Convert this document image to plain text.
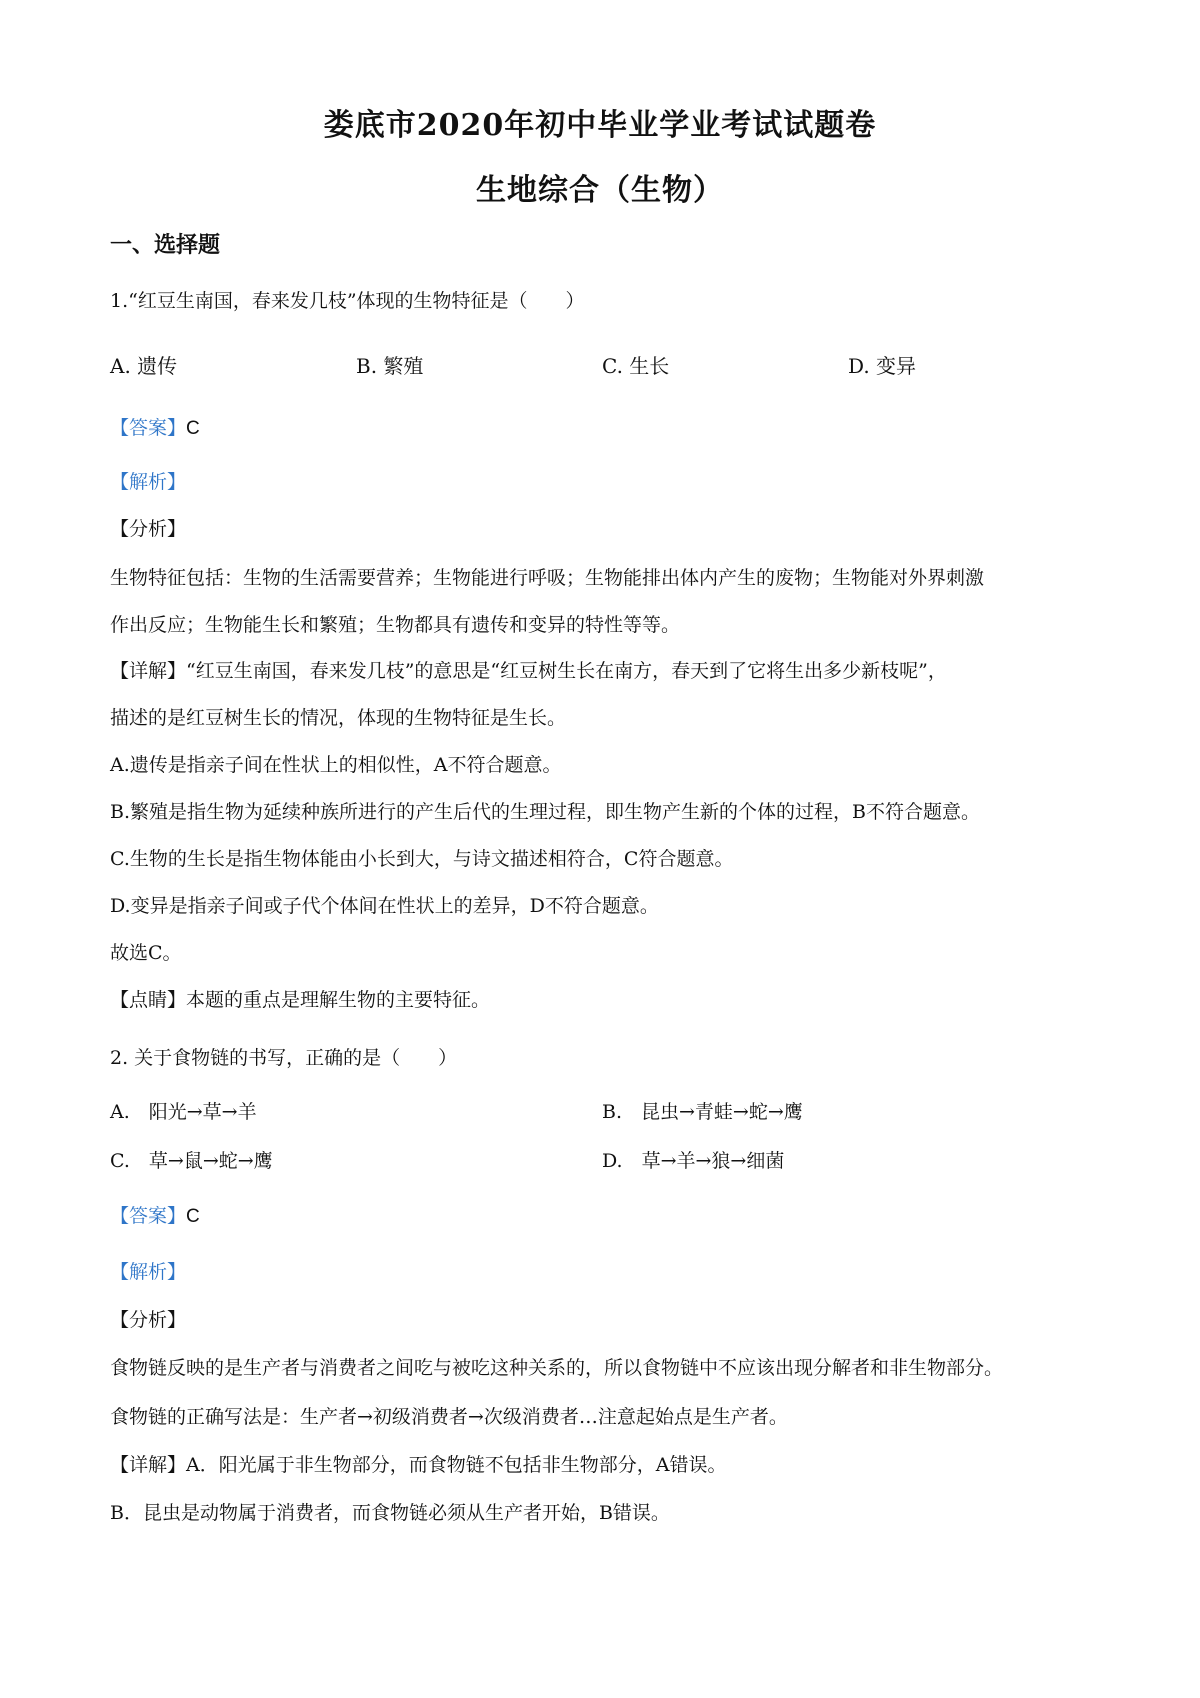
娄底市2020年初中毕业学业考试试题卷
生地综合（生物）
一、选择题
1.“红豆生南国，春来发几枝”体现的生物特征是（　　）
A. 遗传	B. 繁殖	C. 生长	D. 变异
【答案】C
【解析】
【分析】
生物特征包括：生物的生活需要营养；生物能进行呼吸；生物能排出体内产生的废物；生物能对外界刺激
作出反应；生物能生长和繁殖；生物都具有遗传和变异的特性等等。
【详解】“红豆生南国，春来发几枝”的意思是“红豆树生长在南方，春天到了它将生出多少新枝呢”，
描述的是红豆树生长的情况，体现的生物特征是生长。
A.遗传是指亲子间在性状上的相似性，A不符合题意。
B.繁殖是指生物为延续种族所进行的产生后代的生理过程，即生物产生新的个体的过程，B不符合题意。
C.生物的生长是指生物体能由小长到大，与诗文描述相符合，C符合题意。
D.变异是指亲子间或子代个体间在性状上的差异，D不符合题意。
故选C。
【点睛】本题的重点是理解生物的主要特征。
2. 关于食物链的书写，正确的是（　　）
A.　阳光→草→羊	B.　昆虫→青蛙→蛇→鹰
C.　草→鼠→蛇→鹰	D.　草→羊→狼→细菌
【答案】C
【解析】
【分析】
食物链反映的是生产者与消费者之间吃与被吃这种关系的，所以食物链中不应该出现分解者和非生物部分。
食物链的正确写法是：生产者→初级消费者→次级消费者…注意起始点是生产者。
【详解】A．阳光属于非生物部分，而食物链不包括非生物部分，A错误。
B．昆虫是动物属于消费者，而食物链必须从生产者开始，B错误。
